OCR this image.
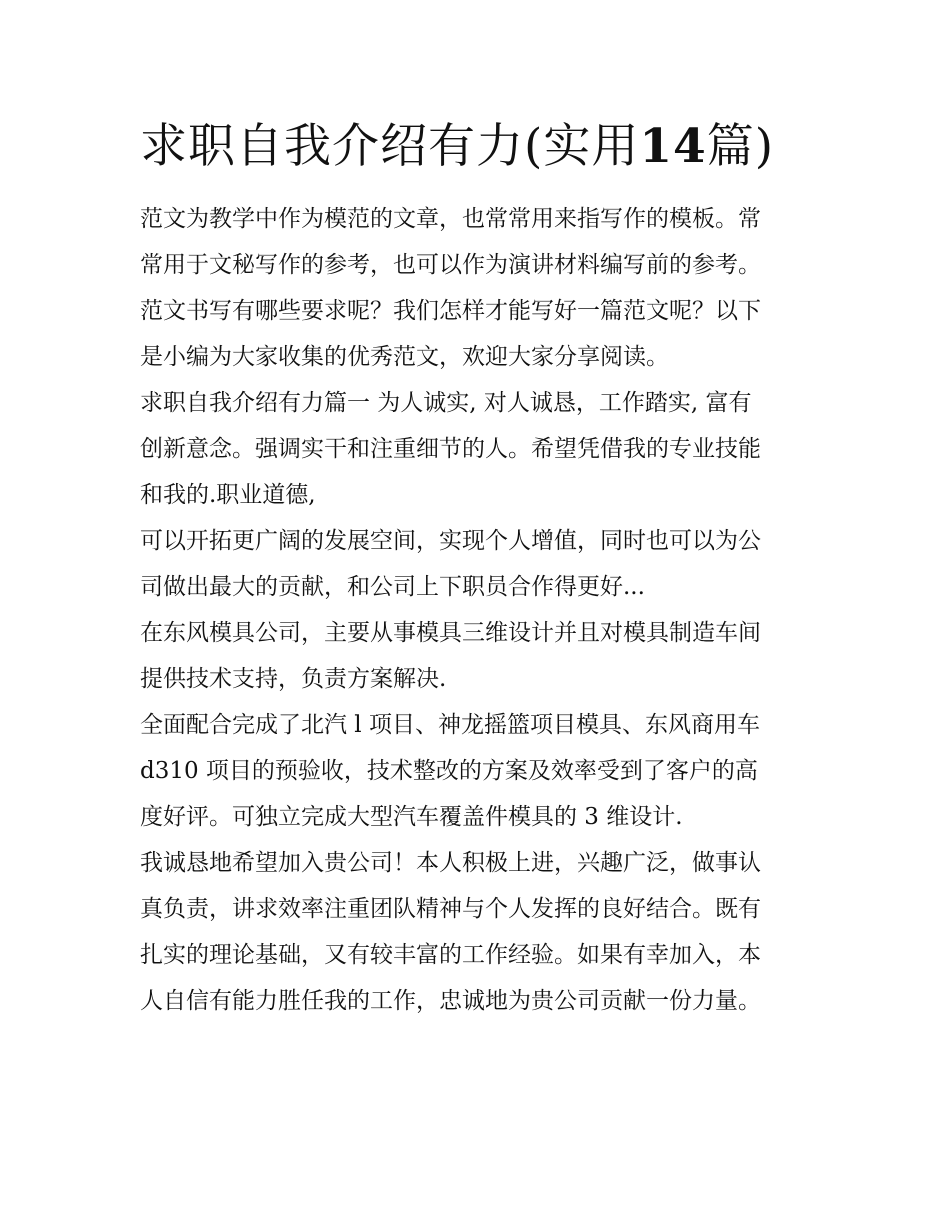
求职自我介绍有力(实用14篇)

范文为教学中作为模范的文章，也常常用来指写作的模板。常
常用于文秘写作的参考，也可以作为演讲材料编写前的参考。
范文书写有哪些要求呢？我们怎样才能写好一篇范文呢？以下
是小编为大家收集的优秀范文，欢迎大家分享阅读。

求职自我介绍有力篇一 为人诚实, 对人诚恳，工作踏实, 富有
创新意念。强调实干和注重细节的人。希望凭借我的专业技能
和我的.职业道德,

可以开拓更广阔的发展空间，实现个人增值，同时也可以为公
司做出最大的贡献，和公司上下职员合作得更好...

在东风模具公司，主要从事模具三维设计并且对模具制造车间
提供技术支持，负责方案解决.

全面配合完成了北汽 l 项目、神龙摇篮项目模具、东风商用车
d310 项目的预验收，技术整改的方案及效率受到了客户的高
度好评。可独立完成大型汽车覆盖件模具的 3 维设计.

我诚恳地希望加入贵公司！本人积极上进，兴趣广泛，做事认
真负责，讲求效率注重团队精神与个人发挥的良好结合。既有
扎实的理论基础，又有较丰富的工作经验。如果有幸加入，本
人自信有能力胜任我的工作，忠诚地为贵公司贡献一份力量。
